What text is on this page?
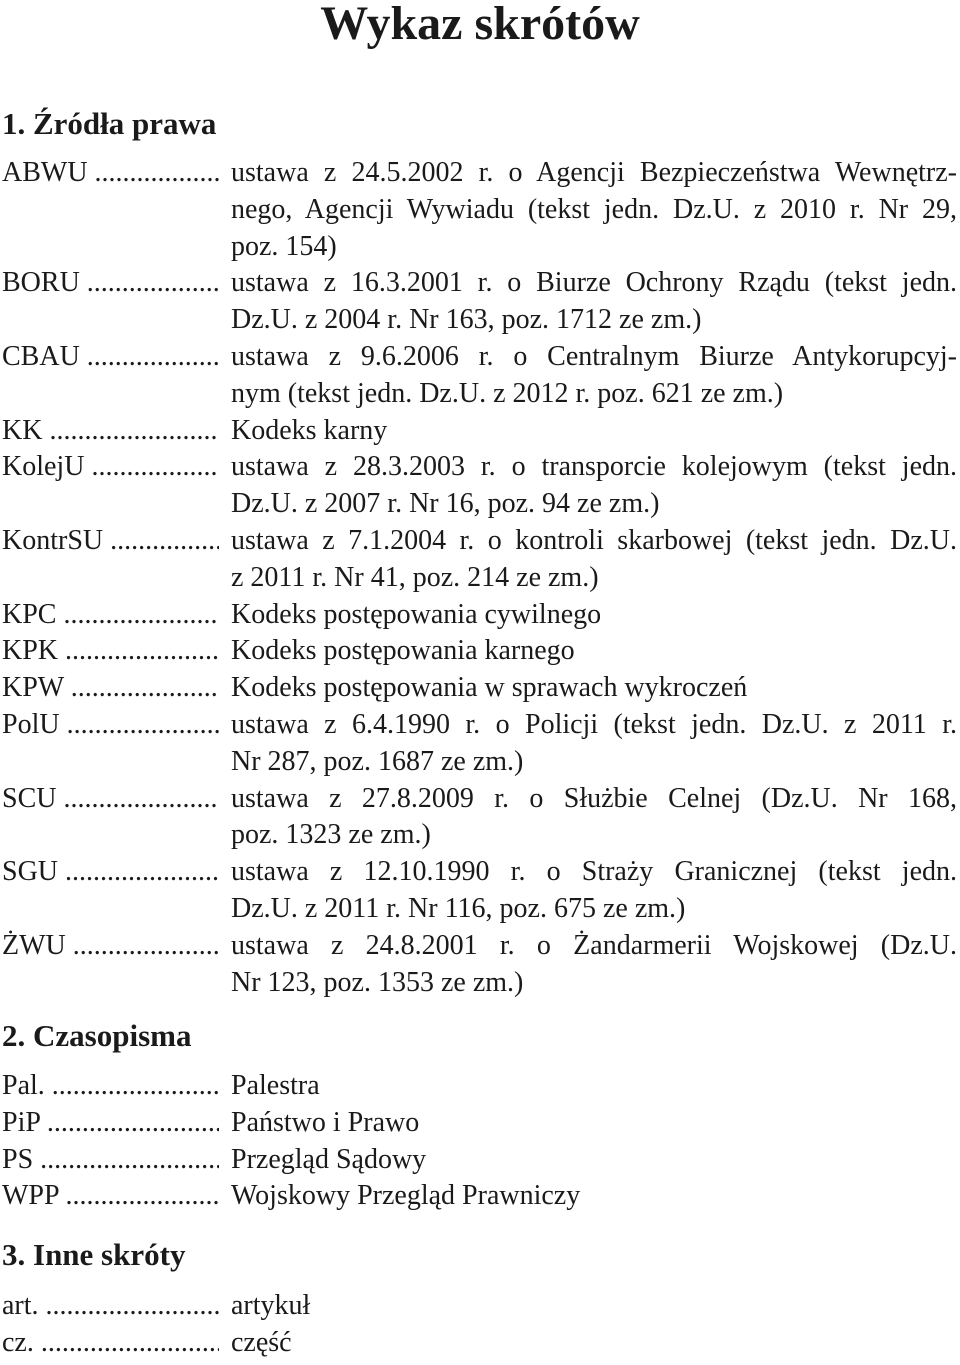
Wykaz skrótów
1. Źródła prawa
ABWU .....	ustawa z 24.5.2002 r. o Agencji Bezpieczeństwa Wewnętrz-
nego, Agencji Wywiadu (tekst jedn. Dz.U. z 2010 r. Nr 29,
poz. 154)
BORU .....	ustawa z 16.3.2001 r. o Biurze Ochrony Rządu (tekst jedn.
Dz.U. z 2004 r. Nr 163, poz. 1712 ze zm.)
CBAU .....	ustawa z 9.6.2006 r. o Centralnym Biurze Antykorupcyj-
nym (tekst jedn. Dz.U. z 2012 r. poz. 621 ze zm.)
KK .....	Kodeks karny
KolejU .....	ustawa z 28.3.2003 r. o transporcie kolejowym (tekst jedn.
Dz.U. z 2007 r. Nr 16, poz. 94 ze zm.)
KontrSU .....	ustawa z 7.1.2004 r. o kontroli skarbowej (tekst jedn. Dz.U.
z 2011 r. Nr 41, poz. 214 ze zm.)
KPC .....	Kodeks postępowania cywilnego
KPK .....	Kodeks postępowania karnego
KPW .....	Kodeks postępowania w sprawach wykroczeń
PolU .....	ustawa z 6.4.1990 r. o Policji (tekst jedn. Dz.U. z 2011 r.
Nr 287, poz. 1687 ze zm.)
SCU .....	ustawa z 27.8.2009 r. o Służbie Celnej (Dz.U. Nr 168,
poz. 1323 ze zm.)
SGU .....	ustawa z 12.10.1990 r. o Straży Granicznej (tekst jedn.
Dz.U. z 2011 r. Nr 116, poz. 675 ze zm.)
ŻWU .....	ustawa z 24.8.2001 r. o Żandarmerii Wojskowej (Dz.U.
Nr 123, poz. 1353 ze zm.)
2. Czasopisma
Pal. .....	Palestra
PiP .....	Państwo i Prawo
PS .....	Przegląd Sądowy
WPP .....	Wojskowy Przegląd Prawniczy
3. Inne skróty
art. .....	artykuł
cz. .....	część
